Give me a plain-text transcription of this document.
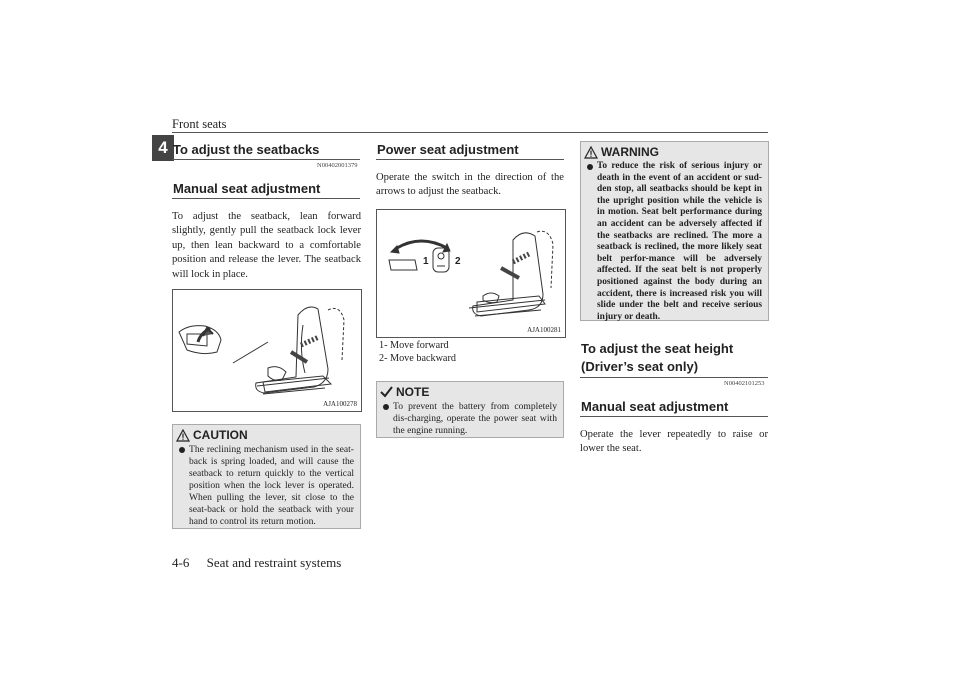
Front seats
4 To adjust the seatbacks
N00402001379
Manual seat adjustment
To adjust the seatback, lean forward slightly, gently pull the seatback lock lever up, then lean backward to a comfortable position and release the lever. The seatback will lock in place.
AJA100278
CAUTION
The reclining mechanism used in the seat-back is spring loaded, and will cause the seatback to return quickly to the vertical position when the lock lever is operated. When pulling the lever, sit close to the seat-back or hold the seatback with your hand to control its return motion.
Power seat adjustment
Operate the switch in the direction of the arrows to adjust the seatback.
1	2
AJA100281
1- Move forward
2- Move backward
NOTE
To prevent the battery from completely dis-charging, operate the power seat with the engine running.
WARNING
To reduce the risk of serious injury or death in the event of an accident or sud-den stop, all seatbacks should be kept in the upright position while the vehicle is in motion. Seat belt performance during an accident can be adversely affected if the seatbacks are reclined. The more a seatback is reclined, the more likely seat belt perfor-mance will be adversely affected. If the seat belt is not properly positioned against the body during an accident, there is increased risk you will slide under the belt and receive serious injury or death.
To adjust the seat height (Driver’s seat only)
N00402101253
Manual seat adjustment
Operate the lever repeatedly to raise or lower the seat.
4-6 Seat and restraint systems
